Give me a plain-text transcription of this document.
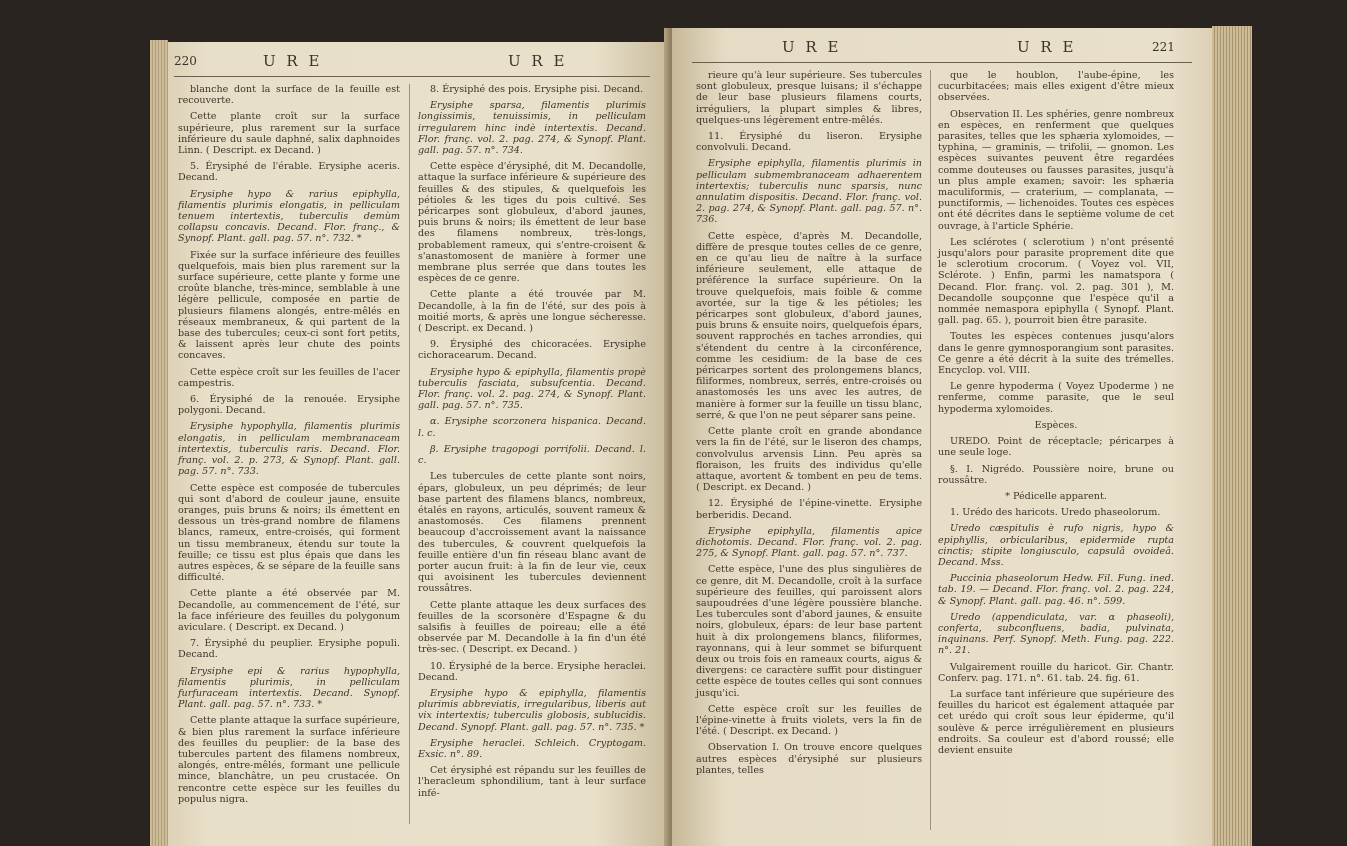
220	U R E	U R E

blanche dont la surface de la feuille est recouverte.

Cette plante croît sur la surface supérieure, plus rarement sur la surface inférieure du saule daphné, salix daphnoides Linn. ( Descript. ex Decand. )

5. Érysiphé de l'érable. Erysiphe aceris. Decand.

Erysiphe hypo & rarius epiphylla, filamentis plurimis elongatis, in pelliculam tenuem intertextis, tuberculis demùm collapsu concavis. Decand. Flor. franç., & Synopf. Plant. gall. pag. 57. n°. 732. *

Fixée sur la surface inférieure des feuilles quelquefois, mais bien plus rarement sur la surface supérieure, cette plante y forme une croûte blanche, très-mince, semblable à une légère pellicule, composée en partie de plusieurs filamens alongés, entre-mêlés en réseaux membraneux, & qui partent de la base des tubercules; ceux-ci sont fort petits, & laissent après leur chute des points concaves.

Cette espèce croît sur les feuilles de l'acer campestris.

6. Érysiphé de la renouée. Erysiphe polygoni. Decand.

Erysiphe hypophylla, filamentis plurimis elongatis, in pelliculam membranaceam intertextis, tuberculis raris. Decand. Flor. franç. vol. 2. p. 273, & Synopf. Plant. gall. pag. 57. n°. 733.

Cette espèce est composée de tubercules qui sont d'abord de couleur jaune, ensuite oranges, puis bruns & noirs; ils émettent en dessous un très-grand nombre de filamens blancs, rameux, entre-croisés, qui forment un tissu membraneux, étendu sur toute la feuille; ce tissu est plus épais que dans les autres espèces, & se sépare de la feuille sans difficulté.

Cette plante a été observée par M. Decandolle, au commencement de l'été, sur la face inférieure des feuilles du polygonum aviculare. ( Descript. ex Decand. )

7. Érysiphé du peuplier. Erysiphe populi. Decand.

Erysiphe epi & rarius hypophylla, filamentis plurimis, in pelliculam furfuraceam intertextis. Decand. Synopf. Plant. gall. pag. 57. n°. 733. *

Cette plante attaque la surface supérieure, & bien plus rarement la surface inférieure des feuilles du peuplier: de la base des tubercules partent des filamens nombreux, alongés, entre-mêlés, formant une pellicule mince, blanchâtre, un peu crustacée. On rencontre cette espèce sur les feuilles du populus nigra.

8. Érysiphé des pois. Erysiphe pisi. Decand.

Erysiphe sparsa, filamentis plurimis longissimis, tenuissimis, in pelliculam irregularem hinc indè intertextis. Decand. Flor. franç. vol. 2. pag. 274, & Synopf. Plant. gall. pag. 57. n°. 734.

Cette espèce d'érysiphé, dit M. Decandolle, attaque la surface inférieure & supérieure des feuilles & des stipules, & quelquefois les pétioles & les tiges du pois cultivé. Ses péricarpes sont globuleux, d'abord jaunes, puis bruns & noirs; ils émettent de leur base des filamens nombreux, très-longs, probablement rameux, qui s'entre-croisent & s'anastomosent de manière à former une membrane plus serrée que dans toutes les espèces de ce genre.

Cette plante a été trouvée par M. Decandolle, à la fin de l'été, sur des pois à moitié morts, & après une longue sécheresse. ( Descript. ex Decand. )

9. Érysiphé des chicoracées. Erysiphe cichoracearum. Decand.

Erysiphe hypo & epiphylla, filamentis propè tuberculis fasciata, subsufcentia. Decand. Flor. franç. vol. 2. pag. 274, & Synopf. Plant. gall. pag. 57. n°. 735.

α. Erysiphe scorzonera hispanica. Decand. l. c.

β. Erysiphe tragopogi porrifolii. Decand. l. c.

Les tubercules de cette plante sont noirs, épars, globuleux, un peu déprimés; de leur base partent des filamens blancs, nombreux, étalés en rayons, articulés, souvent rameux & anastomosés. Ces filamens prennent beaucoup d'accroissement avant la naissance des tubercules, & couvrent quelquefois la feuille entière d'un fin réseau blanc avant de porter aucun fruit: à la fin de leur vie, ceux qui avoisinent les tubercules deviennent roussâtres.

Cette plante attaque les deux surfaces des feuilles de la scorsonère d'Espagne & du salsifis à feuilles de poireau; elle a été observée par M. Decandolle à la fin d'un été très-sec. ( Descript. ex Decand. )

10. Érysiphé de la berce. Erysiphe heraclei. Decand.

Erysiphe hypo & epiphylla, filamentis plurimis abbreviatis, irregularibus, liberis aut vix intertextis; tuberculis globosis, sublucidis. Decand. Synopf. Plant. gall. pag. 57. n°. 735. *

Erysiphe heraclei. Schleich. Cryptogam. Exsic. n°. 89.

Cet érysiphé est répandu sur les feuilles de l'heracleum sphondilium, tant à leur surface infé-

U R E	U R E	221

rieure qu'à leur supérieure. Ses tubercules sont globuleux, presque luisans; il s'échappe de leur base plusieurs filamens courts, irréguliers, la plupart simples & libres, quelques-uns légèrement entre-mêlés.

11. Érysiphé du liseron. Erysiphe convolvuli. Decand.

Erysiphe epiphylla, filamentis plurimis in pelliculam submembranaceam adhaerentem intertextis; tuberculis nunc sparsis, nunc annulatim dispositis. Decand. Flor. franç. vol. 2. pag. 274, & Synopf. Plant. gall. pag. 57. n°. 736.

Cette espèce, d'après M. Decandolle, diffère de presque toutes celles de ce genre, en ce qu'au lieu de naître à la surface inférieure seulement, elle attaque de préférence la surface supérieure. On la trouve quelquefois, mais foible & comme avortée, sur la tige & les pétioles; les péricarpes sont globuleux, d'abord jaunes, puis bruns & ensuite noirs, quelquefois épars, souvent rapprochés en taches arrondies, qui s'étendent du centre à la circonférence, comme les cesidium: de la base de ces péricarpes sortent des prolongemens blancs, filiformes, nombreux, serrés, entre-croisés ou anastomosés les uns avec les autres, de manière à former sur la feuille un tissu blanc, serré, & que l'on ne peut séparer sans peine.

Cette plante croît en grande abondance vers la fin de l'été, sur le liseron des champs, convolvulus arvensis Linn. Peu après sa floraison, les fruits des individus qu'elle attaque, avortent & tombent en peu de tems. ( Descript. ex Decand. )

12. Érysiphé de l'épine-vinette. Erysiphe berberidis. Decand.

Erysiphe epiphylla, filamentis apice dichotomis. Decand. Flor. franç. vol. 2. pag. 275, & Synopf. Plant. gall. pag. 57. n°. 737.

Cette espèce, l'une des plus singulières de ce genre, dit M. Decandolle, croît à la surface supérieure des feuilles, qui paroissent alors saupoudrées d'une légère poussière blanche. Les tubercules sont d'abord jaunes, & ensuite noirs, globuleux, épars: de leur base partent huit à dix prolongemens blancs, filiformes, rayonnans, qui à leur sommet se bifurquent deux ou trois fois en rameaux courts, aigus & divergens: ce caractère suffit pour distinguer cette espèce de toutes celles qui sont connues jusqu'ici.

Cette espèce croît sur les feuilles de l'épine-vinette à fruits violets, vers la fin de l'été. ( Descript. ex Decand. )

Observation I. On trouve encore quelques autres espèces d'érysiphé sur plusieurs plantes, telles

que le houblon, l'aube-épine, les cucurbitacées; mais elles exigent d'être mieux observées.

Observation II. Les sphéries, genre nombreux en espèces, en renferment que quelques parasites, telles que les sphæria xylomoides, — typhina, — graminis, — trifolii, — gnomon. Les espèces suivantes peuvent être regardées comme douteuses ou fausses parasites, jusqu'à un plus ample examen; savoir: les sphæria maculiformis, — craterium, — complanata, — punctiformis, — lichenoides. Toutes ces espèces ont été décrites dans le septième volume de cet ouvrage, à l'article Sphérie.

Les sclérotes ( sclerotium ) n'ont présenté jusqu'alors pour parasite proprement dite que le sclerotium crocorum. ( Voyez vol. VII, Sclérote. ) Enfin, parmi les namatspora ( Decand. Flor. franç. vol. 2. pag. 301 ), M. Decandolle soupçonne que l'espèce qu'il a nommée nemaspora epiphylla ( Synopf. Plant. gall. pag. 65. ), pourroit bien être parasite.

Toutes les espèces contenues jusqu'alors dans le genre gymnosporangium sont parasites. Ce genre a été décrit à la suite des trémelles. Encyclop. vol. VIII.

Le genre hypoderma ( Voyez Upoderme ) ne renferme, comme parasite, que le seul hypoderma xylomoides.

Espèces.

UREDO. Point de réceptacle; péricarpes à une seule loge.

§. I. Nigrédo. Poussière noire, brune ou roussâtre.

* Pédicelle apparent.

1. Urédo des haricots. Uredo phaseolorum.

Uredo cæspitulis è rufo nigris, hypo & epiphyllis, orbicularibus, epidermide rupta cinctis; stipite longiusculo, capsulâ ovoideâ. Decand. Mss.

Puccinia phaseolorum Hedw. Fil. Fung. ined. tab. 19. — Decand. Flor. franç. vol. 2. pag. 224, & Synopf. Plant. gall. pag. 46. n°. 599.

Uredo (appendiculata, var. α phaseoli), conferta, subconfluens, badia, pulvinata, inquinans. Perf. Synopf. Meth. Fung. pag. 222. n°. 21.

Vulgairement rouille du haricot. Gir. Chantr. Conferv. pag. 171. n°. 61. tab. 24. fig. 61.

La surface tant inférieure que supérieure des feuilles du haricot est également attaquée par cet urédo qui croît sous leur épiderme, qu'il soulève & perce irrégulièrement en plusieurs endroits. Sa couleur est d'abord roussé; elle devient ensuite
